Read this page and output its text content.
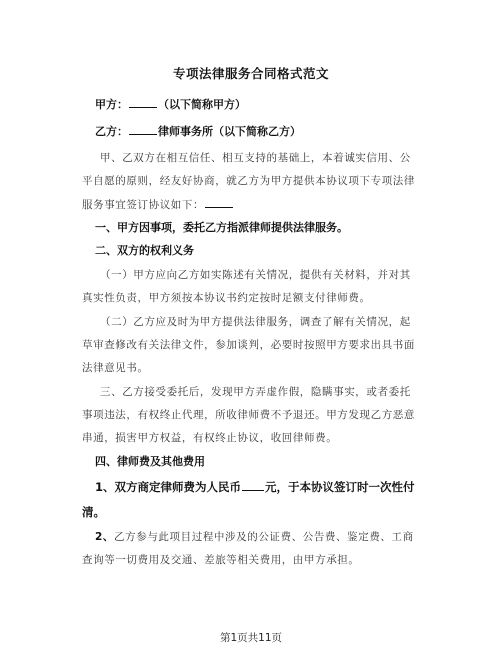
专项法律服务合同格式范文
甲方：	（以下简称甲方）
乙方：	律师事务所（以下简称乙方）
甲、乙双方在相互信任、相互支持的基础上，本着诚实信用、公
平自愿的原则，经友好协商，就乙方为甲方提供本协议项下专项法律
服务事宜签订协议如下：
一、甲方因事项，委托乙方指派律师提供法律服务。
二、双方的权利义务
（一）甲方应向乙方如实陈述有关情况，提供有关材料，并对其
真实性负责，甲方须按本协议书约定按时足额支付律师费。
（二）乙方应及时为甲方提供法律服务，调查了解有关情况，起
草审查修改有关法律文件，参加谈判，必要时按照甲方要求出具书面
法律意见书。
三、乙方接受委托后，发现甲方弄虚作假，隐瞒事实，或者委托
事项违法，有权终止代理，所收律师费不予退还。甲方发现乙方恶意
串通，损害甲方权益，有权终止协议，收回律师费。
四、律师费及其他费用
1、双方商定律师费为人民币 元，于本协议签订时一次性付
清。
2、乙方参与此项目过程中涉及的公证费、公告费、鉴定费、工商
查询等一切费用及交通、差旅等相关费用，由甲方承担。
第1页共11页
